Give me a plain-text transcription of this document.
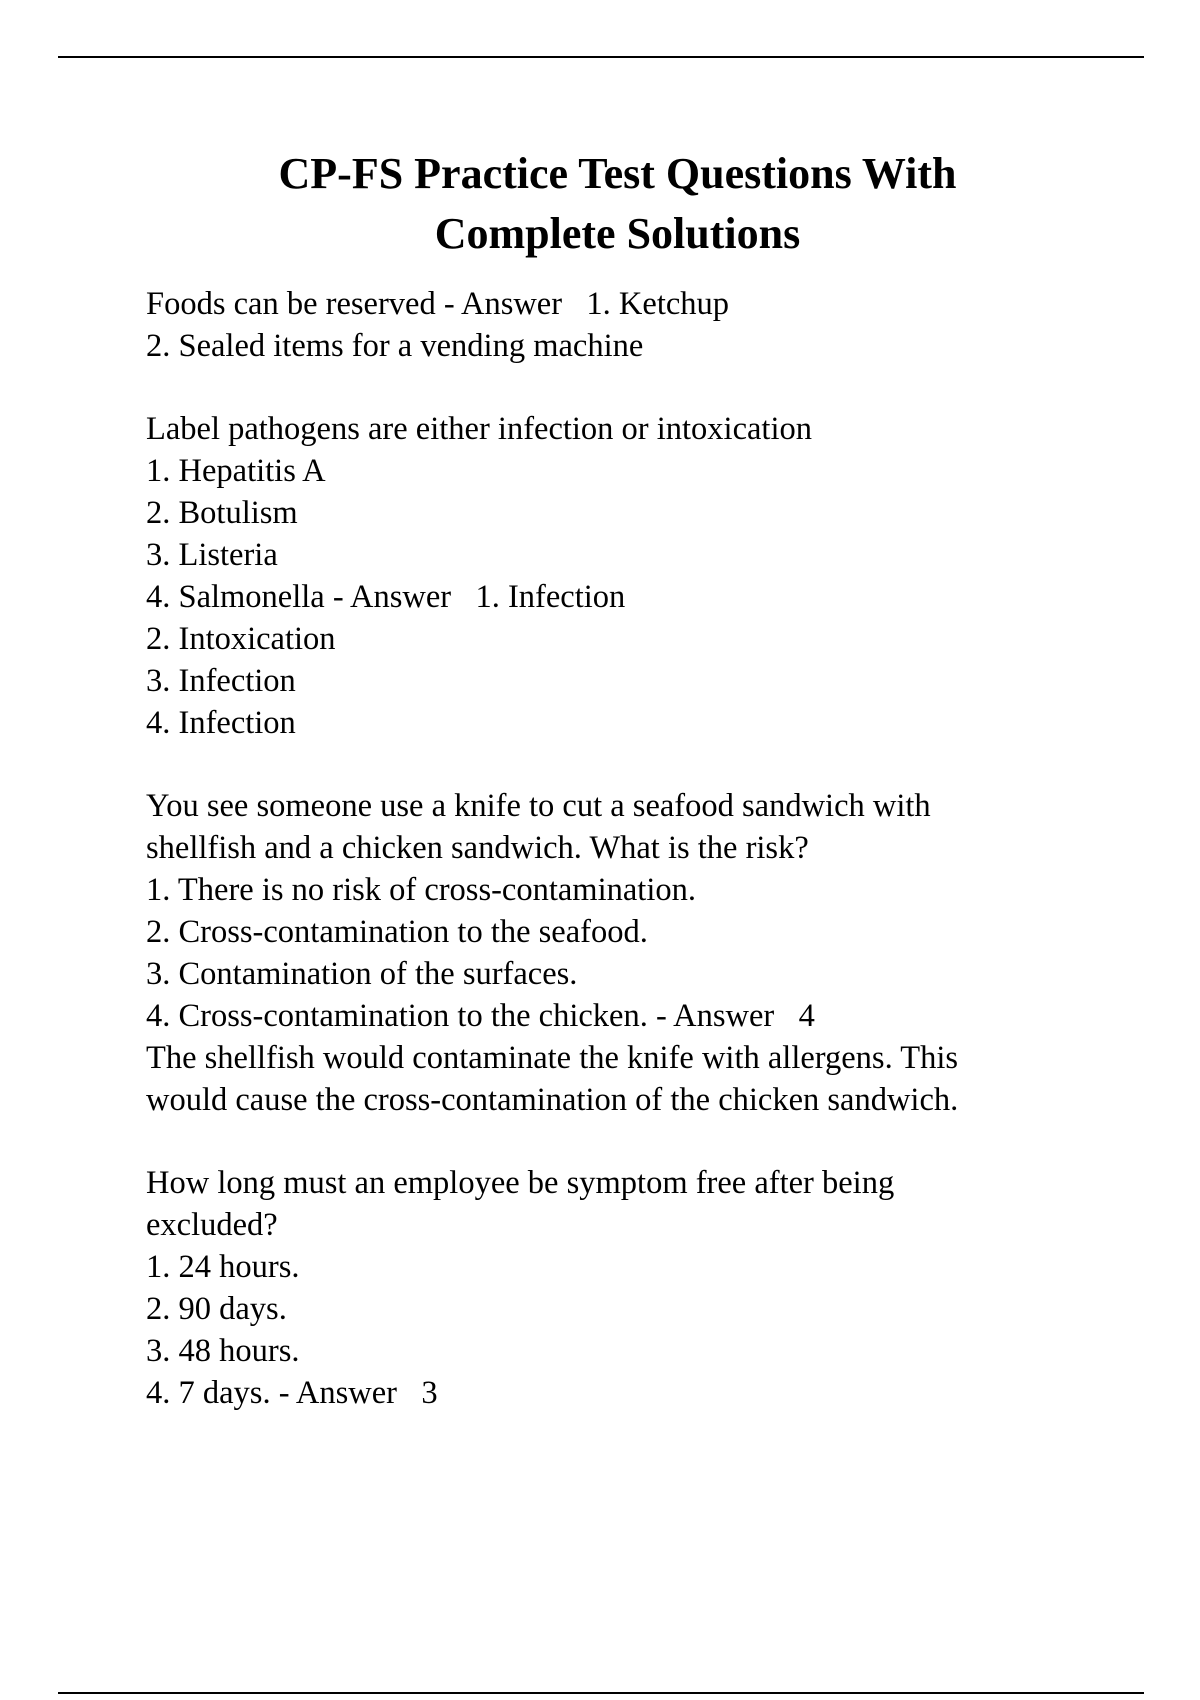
CP-FS Practice Test Questions With
Complete Solutions
Foods can be reserved - Answer   1. Ketchup
2. Sealed items for a vending machine
Label pathogens are either infection or intoxication
1. Hepatitis A
2. Botulism
3. Listeria
4. Salmonella - Answer   1. Infection
2. Intoxication
3. Infection
4. Infection
You see someone use a knife to cut a seafood sandwich with
shellfish and a chicken sandwich. What is the risk?
1. There is no risk of cross-contamination.
2. Cross-contamination to the seafood.
3. Contamination of the surfaces.
4. Cross-contamination to the chicken. - Answer   4
The shellfish would contaminate the knife with allergens. This
would cause the cross-contamination of the chicken sandwich.
How long must an employee be symptom free after being
excluded?
1. 24 hours.
2. 90 days.
3. 48 hours.
4. 7 days. - Answer   3
